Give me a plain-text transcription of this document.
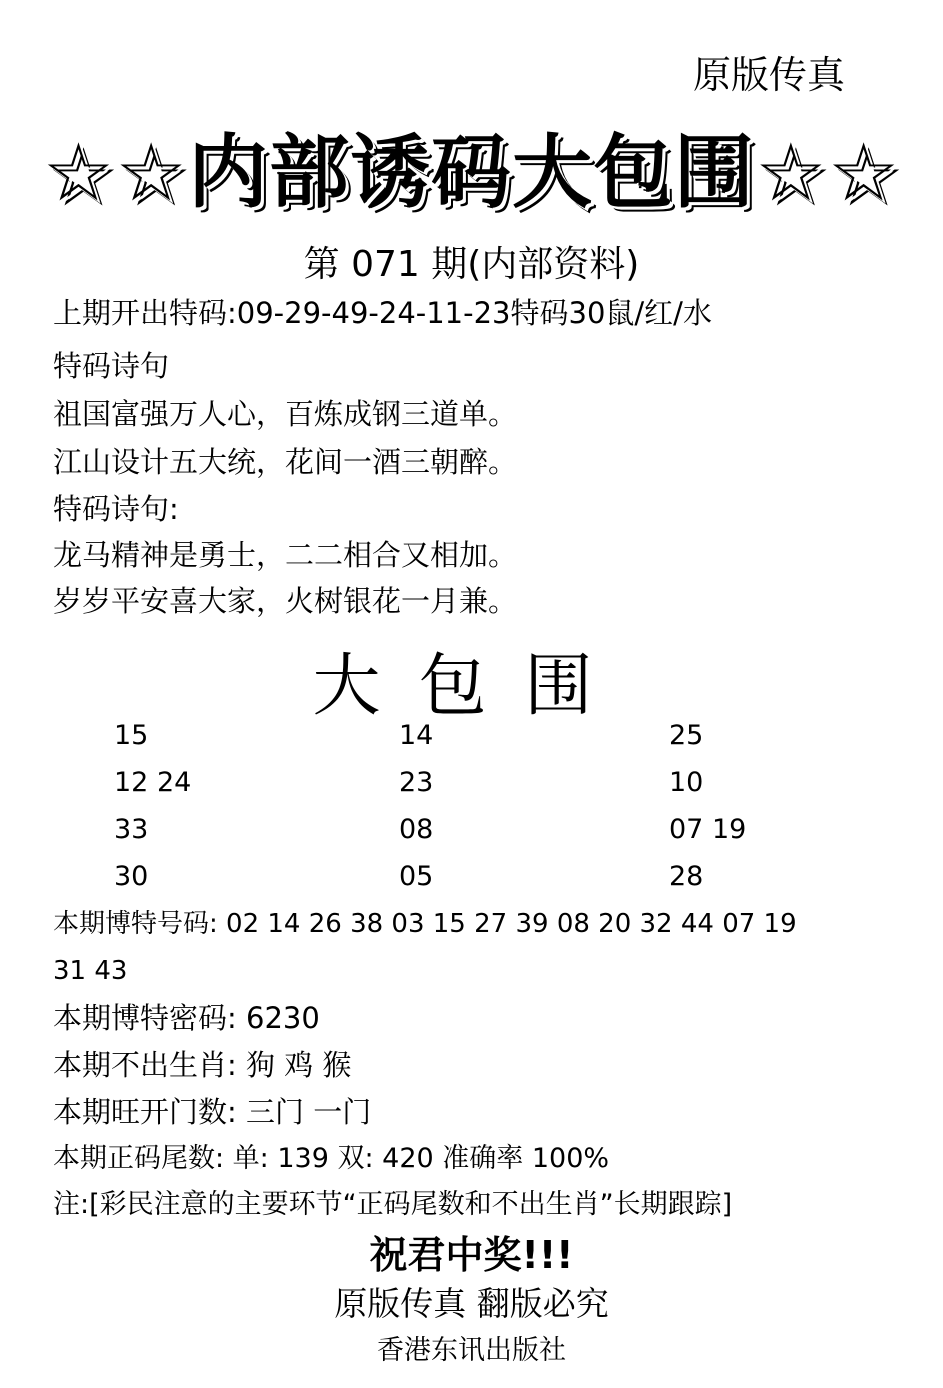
原版传真
☆☆内部诱码大包围☆☆
第 071 期(内部资料)
上期开出特码:09-29-49-24-11-23特码30鼠/红/水
特码诗句
祖国富强万人心，百炼成钢三道单。
江山设计五大统，花间一酒三朝醉。
特码诗句:
龙马精神是勇士，二二相合又相加。
岁岁平安喜大家，火树银花一月兼。
大包围
15	14	25
12 24	23	10
33	08	07 19
30	05	28
本期博特号码: 02 14 26 38 03 15 27 39 08 20 32 44 07 19
31 43
本期博特密码: 6230
本期不出生肖: 狗 鸡 猴
本期旺开门数: 三门 一门
本期正码尾数: 单: 139 双: 420 准确率 100%
注:[彩民注意的主要环节“正码尾数和不出生肖”长期跟踪]
祝君中奖!!!
原版传真 翻版必究
香港东讯出版社
